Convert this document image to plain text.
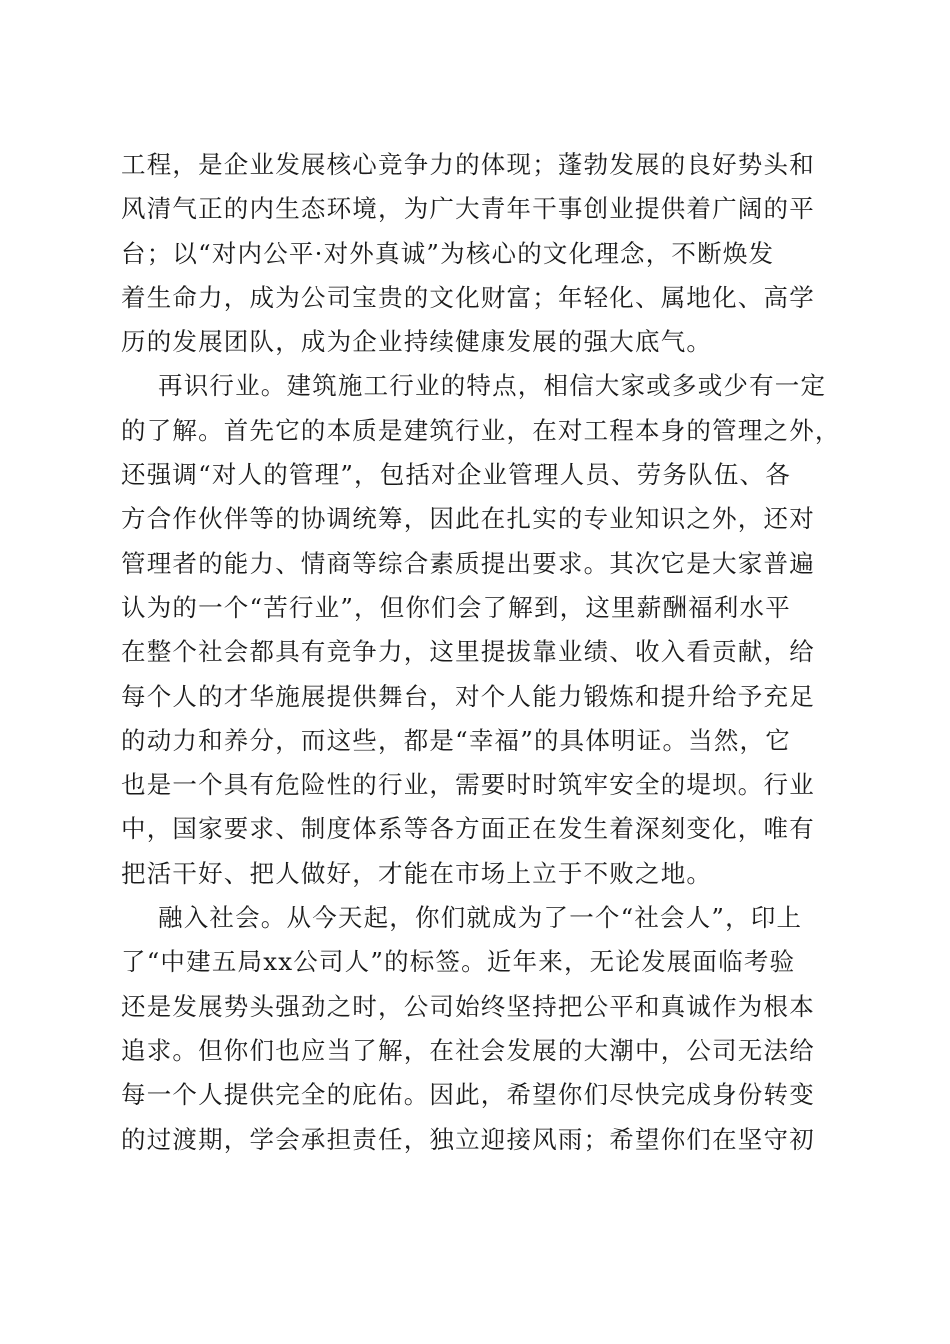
工程，是企业发展核心竞争力的体现；蓬勃发展的良好势头和
风清气正的内生态环境，为广大青年干事创业提供着广阔的平
台；以“对内公平·对外真诚”为核心的文化理念，不断焕发
着生命力，成为公司宝贵的文化财富；年轻化、属地化、高学
历的发展团队，成为企业持续健康发展的强大底气。
再识行业。建筑施工行业的特点，相信大家或多或少有一定
的了解。首先它的本质是建筑行业，在对工程本身的管理之外，
还强调“对人的管理”，包括对企业管理人员、劳务队伍、各
方合作伙伴等的协调统筹，因此在扎实的专业知识之外，还对
管理者的能力、情商等综合素质提出要求。其次它是大家普遍
认为的一个“苦行业”，但你们会了解到，这里薪酬福利水平
在整个社会都具有竞争力，这里提拔靠业绩、收入看贡献，给
每个人的才华施展提供舞台，对个人能力锻炼和提升给予充足
的动力和养分，而这些，都是“幸福”的具体明证。当然，它
也是一个具有危险性的行业，需要时时筑牢安全的堤坝。行业
中，国家要求、制度体系等各方面正在发生着深刻变化，唯有
把活干好、把人做好，才能在市场上立于不败之地。
融入社会。从今天起，你们就成为了一个“社会人”，印上
了“中建五局xx公司人”的标签。近年来，无论发展面临考验
还是发展势头强劲之时，公司始终坚持把公平和真诚作为根本
追求。但你们也应当了解，在社会发展的大潮中，公司无法给
每一个人提供完全的庇佑。因此，希望你们尽快完成身份转变
的过渡期，学会承担责任，独立迎接风雨；希望你们在坚守初
